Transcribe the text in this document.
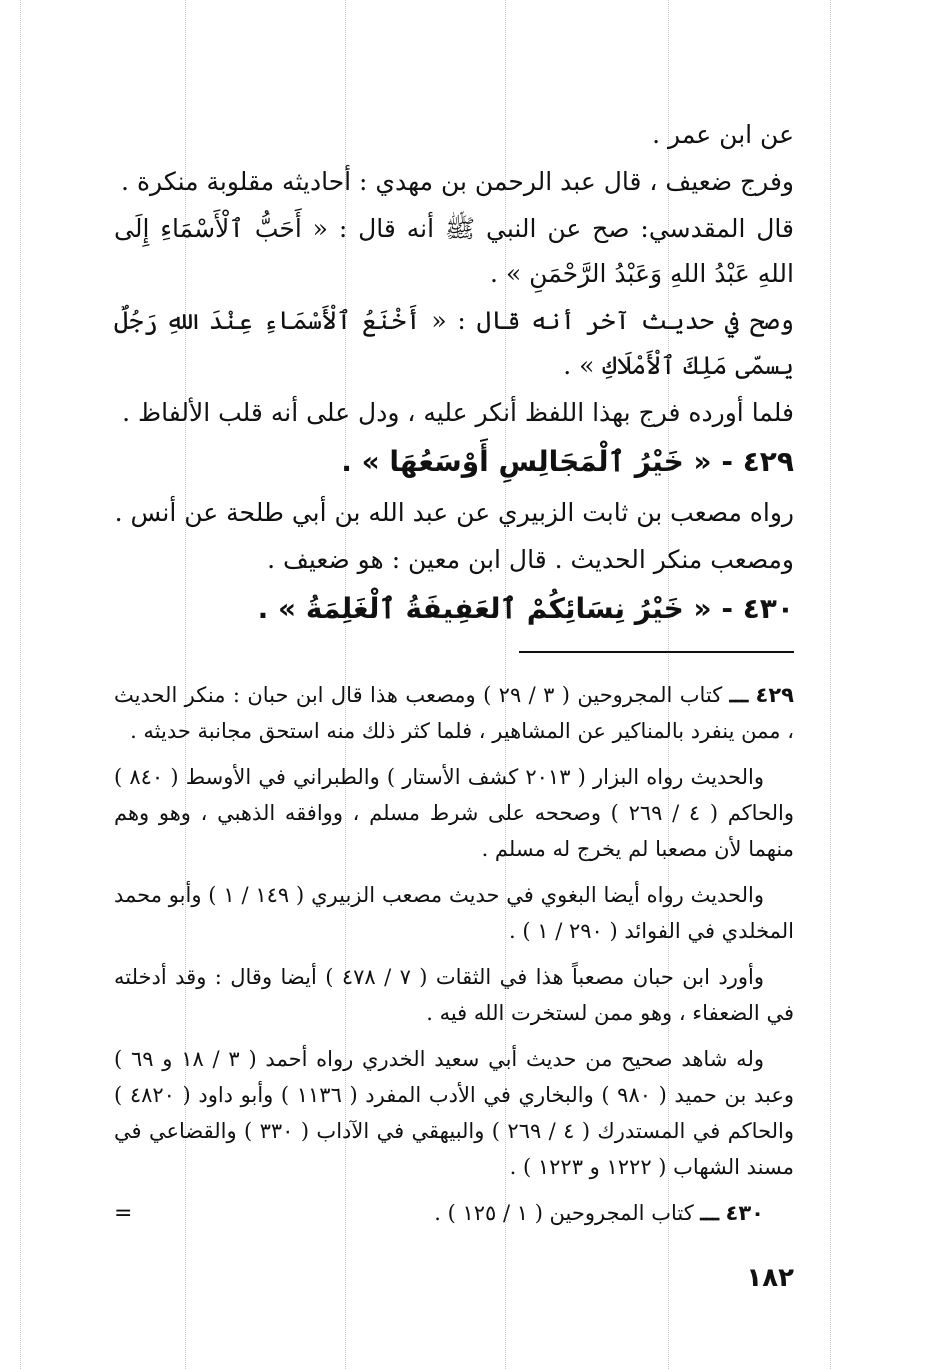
عن ابن عمر .

وفرج ضعيف ، قال عبد الرحمن بن مهدي : أحاديثه مقلوبة منكرة .

قال المقدسي: صح عن النبي ﷺ أنه قال : « أَحَبُّ ٱلْأَسْمَاءِ إِلَى اللهِ عَبْدُ اللهِ وَعَبْدُ الرَّحْمَنِ » .

وصح في حديث آخر أنه قال : « أَخْنَعُ ٱلْأَسْمَاءِ عِنْدَ اللهِ رَجُلٌ يسمّى مَلِكَ ٱلْأَمْلَاكِ » .

فلما أورده فرج بهذا اللفظ أنكر عليه ، ودل على أنه قلب الألفاظ .

٤٢٩ - « خَيْرُ ٱلْمَجَالِسِ أَوْسَعُهَا » .

رواه مصعب بن ثابت الزبيري عن عبد الله بن أبي طلحة عن أنس .

ومصعب منكر الحديث . قال ابن معين : هو ضعيف .

٤٣٠ - « خَيْرُ نِسَائِكُمْ ٱلعَفِيفَةُ ٱلْغَلِمَةُ » .

٤٢٩ ـــ كتاب المجروحين ( ٣ / ٢٩ ) ومصعب هذا قال ابن حبان : منكر الحديث ، ممن ينفرد بالمناكير عن المشاهير ، فلما كثر ذلك منه استحق مجانبة حديثه .

والحديث رواه البزار ( ٢٠١٣ كشف الأستار ) والطبراني في الأوسط ( ٨٤٠ ) والحاكم ( ٤ / ٢٦٩ ) وصححه على شرط مسلم ، ووافقه الذهبي ، وهو وهم منهما لأن مصعبا لم يخرج له مسلم .

والحديث رواه أيضا البغوي في حديث مصعب الزبيري ( ١٤٩ / ١ ) وأبو محمد المخلدي في الفوائد ( ٢٩٠ / ١ ) .

وأورد ابن حبان مصعباً هذا في الثقات ( ٧ / ٤٧٨ ) أيضا وقال : وقد أدخلته في الضعفاء ، وهو ممن لستخرت الله فيه .

وله شاهد صحيح من حديث أبي سعيد الخدري رواه أحمد ( ٣ / ١٨ و ٦٩ ) وعبد بن حميد ( ٩٨٠ ) والبخاري في الأدب المفرد ( ١١٣٦ ) وأبو داود ( ٤٨٢٠ ) والحاكم في المستدرك ( ٤ / ٢٦٩ ) والبيهقي في الآداب ( ٣٣٠ ) والقضاعي في مسند الشهاب ( ١٢٢٢ و ١٢٢٣ ) .

٤٣٠ ـــ كتاب المجروحين ( ١ / ١٢٥ ) .
=

١٨٢
